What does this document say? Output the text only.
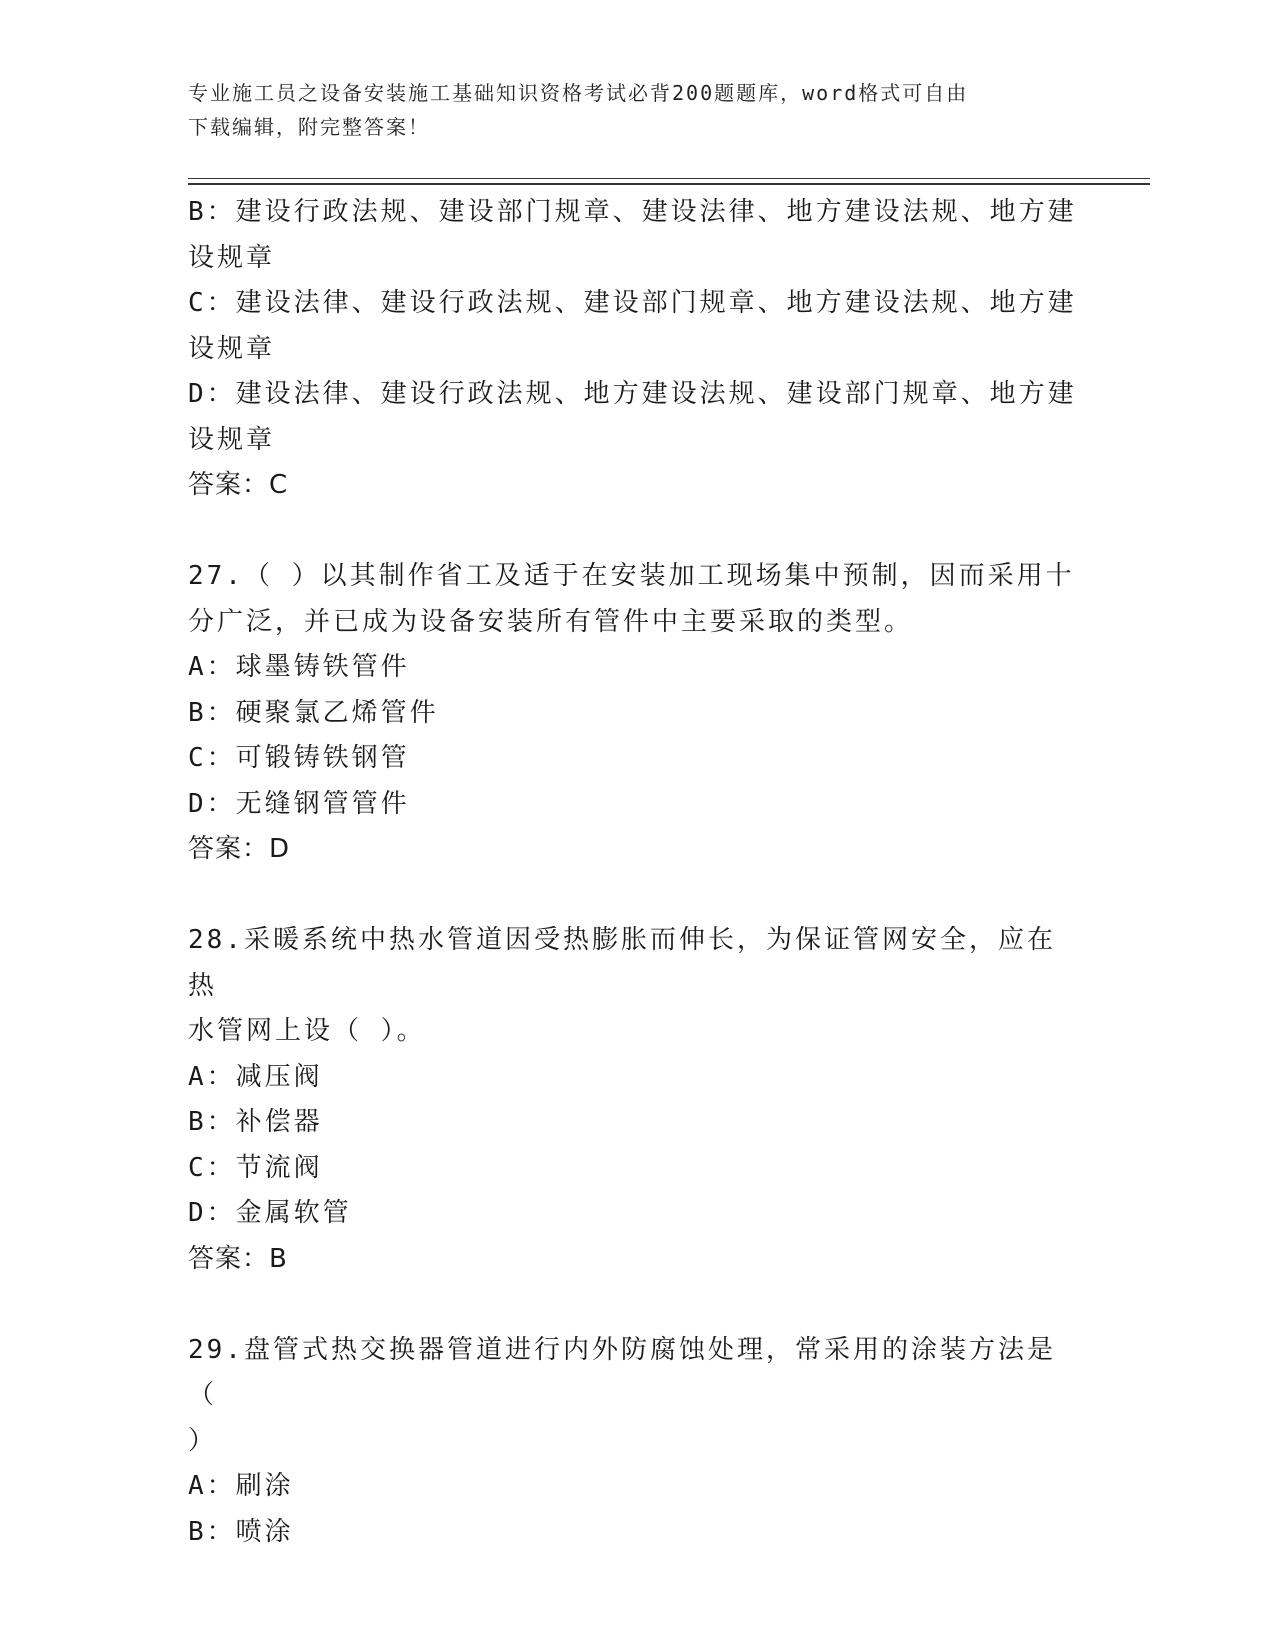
专业施工员之设备安装施工基础知识资格考试必背200题题库，word格式可自由
下载编辑，附完整答案！

B：建设行政法规、建设部门规章、建设法律、地方建设法规、地方建

设规章

C：建设法律、建设行政法规、建设部门规章、地方建设法规、地方建

设规章

D：建设法律、建设行政法规、地方建设法规、建设部门规章、地方建

设规章

答案：C

27.（ ）以其制作省工及适于在安装加工现场集中预制，因而采用十

分广泛，并已成为设备安装所有管件中主要采取的类型。

A：球墨铸铁管件

B：硬聚氯乙烯管件

C：可锻铸铁钢管

D：无缝钢管管件

答案：D

28.采暖系统中热水管道因受热膨胀而伸长，为保证管网安全，应在热

水管网上设（ ）。

A：减压阀

B：补偿器

C：节流阀

D：金属软管

答案：B

29.盘管式热交换器管道进行内外防腐蚀处理，常采用的涂装方法是（

）

A：刷涂

B：喷涂
